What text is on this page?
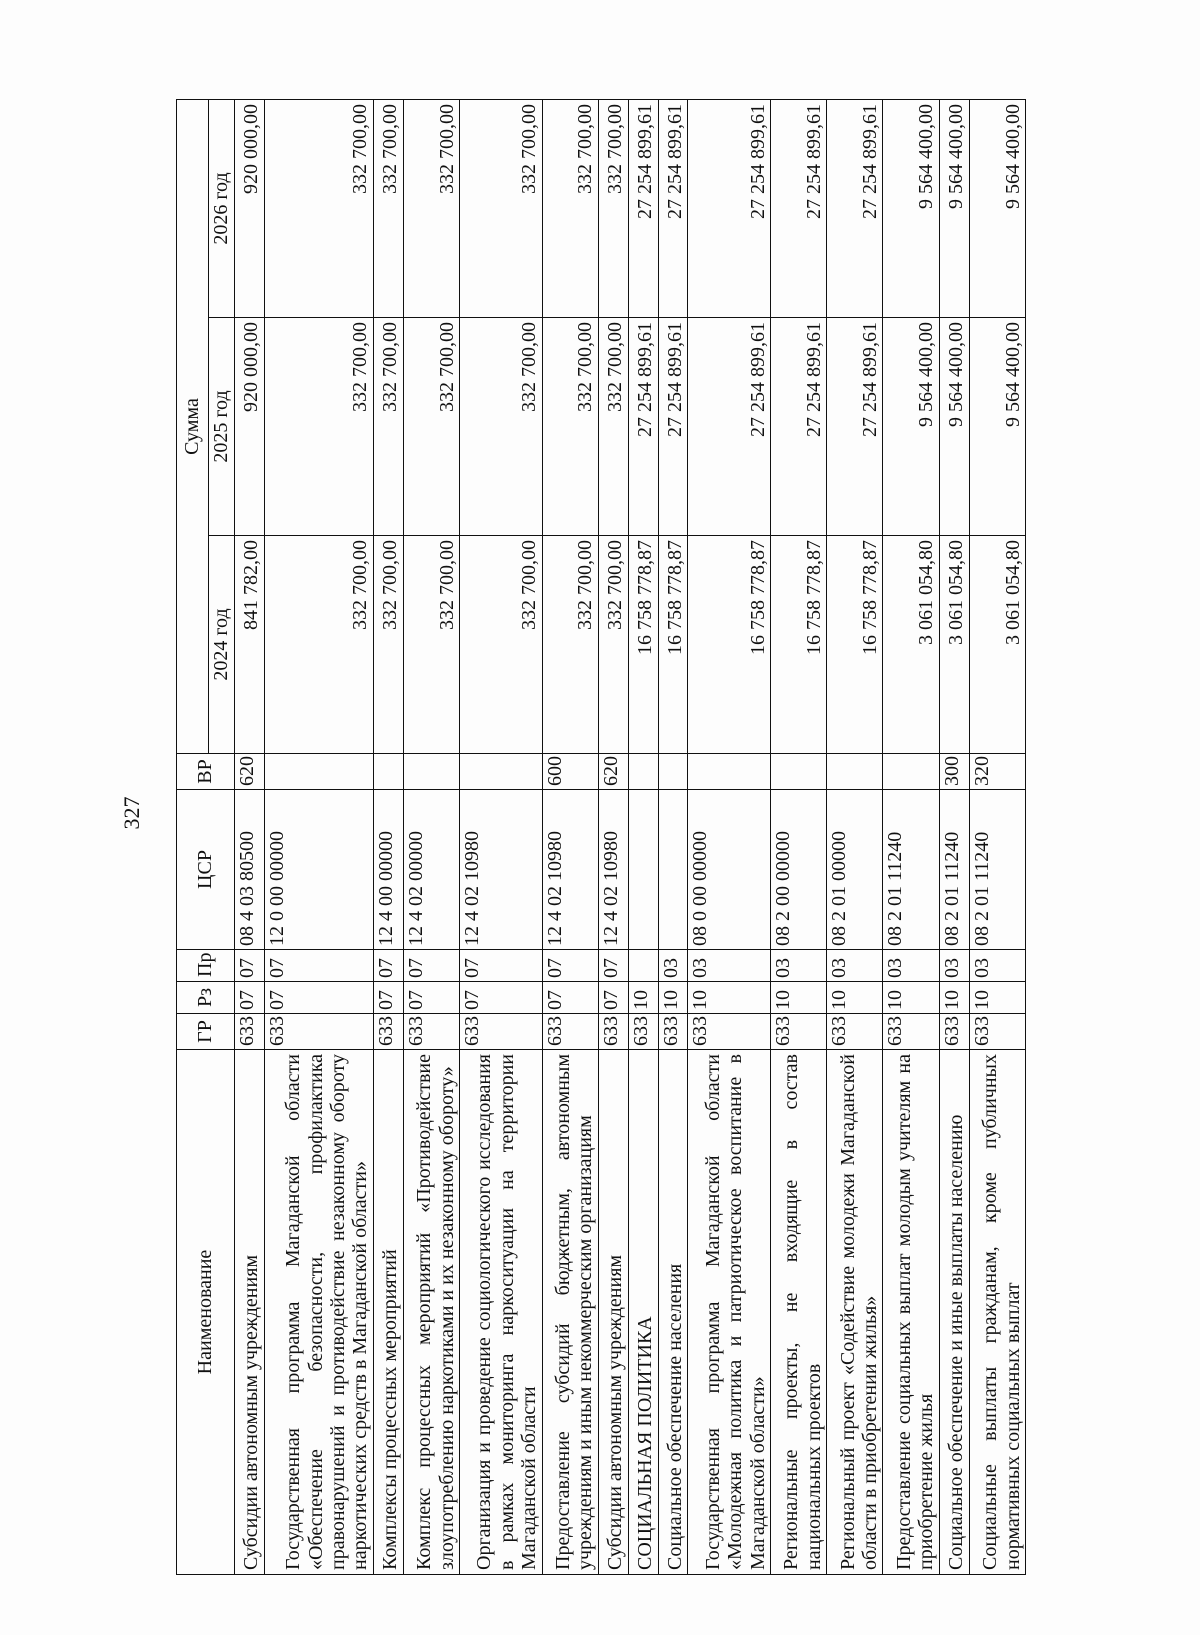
327
Наименование	ГР	Рз	Пр	ЦСР	ВР	Сумма		
						2024 год	2025 год	2026 год
Субсидии автономным учреждениям	633	07	07	08 4 03 80500	620	841 782,00	920 000,00	920 000,00
Государственная программа Магаданской области «Обеспечение безопасности, профилактика правонарушений и противодействие незаконному обороту наркотических средств в Магаданской области»	633	07	07	12 0 00 00000		332 700,00	332 700,00	332 700,00
Комплексы процессных мероприятий	633	07	07	12 4 00 00000		332 700,00	332 700,00	332 700,00
Комплекс процессных мероприятий «Противодействие злоупотреблению наркотиками и их незаконному обороту»	633	07	07	12 4 02 00000		332 700,00	332 700,00	332 700,00
Организация и проведение социологического исследования в рамках мониторинга наркоситуации на территории Магаданской области	633	07	07	12 4 02 10980		332 700,00	332 700,00	332 700,00
Предоставление субсидий бюджетным, автономным учреждениям и иным некоммерческим организациям	633	07	07	12 4 02 10980	600	332 700,00	332 700,00	332 700,00
Субсидии автономным учреждениям	633	07	07	12 4 02 10980	620	332 700,00	332 700,00	332 700,00
СОЦИАЛЬНАЯ ПОЛИТИКА	633	10				16 758 778,87	27 254 899,61	27 254 899,61
Социальное обеспечение населения	633	10	03			16 758 778,87	27 254 899,61	27 254 899,61
Государственная программа Магаданской области «Молодежная политика и патриотическое воспитание в Магаданской области»	633	10	03	08 0 00 00000		16 758 778,87	27 254 899,61	27 254 899,61
Региональные проекты, не входящие в состав национальных проектов	633	10	03	08 2 00 00000		16 758 778,87	27 254 899,61	27 254 899,61
Региональный проект «Содействие молодежи Магаданской области в приобретении жилья»	633	10	03	08 2 01 00000		16 758 778,87	27 254 899,61	27 254 899,61
Предоставление социальных выплат молодым учителям на приобретение жилья	633	10	03	08 2 01 11240		3 061 054,80	9 564 400,00	9 564 400,00
Социальное обеспечение и иные выплаты населению	633	10	03	08 2 01 11240	300	3 061 054,80	9 564 400,00	9 564 400,00
Социальные выплаты гражданам, кроме публичных нормативных социальных выплат	633	10	03	08 2 01 11240	320	3 061 054,80	9 564 400,00	9 564 400,00
